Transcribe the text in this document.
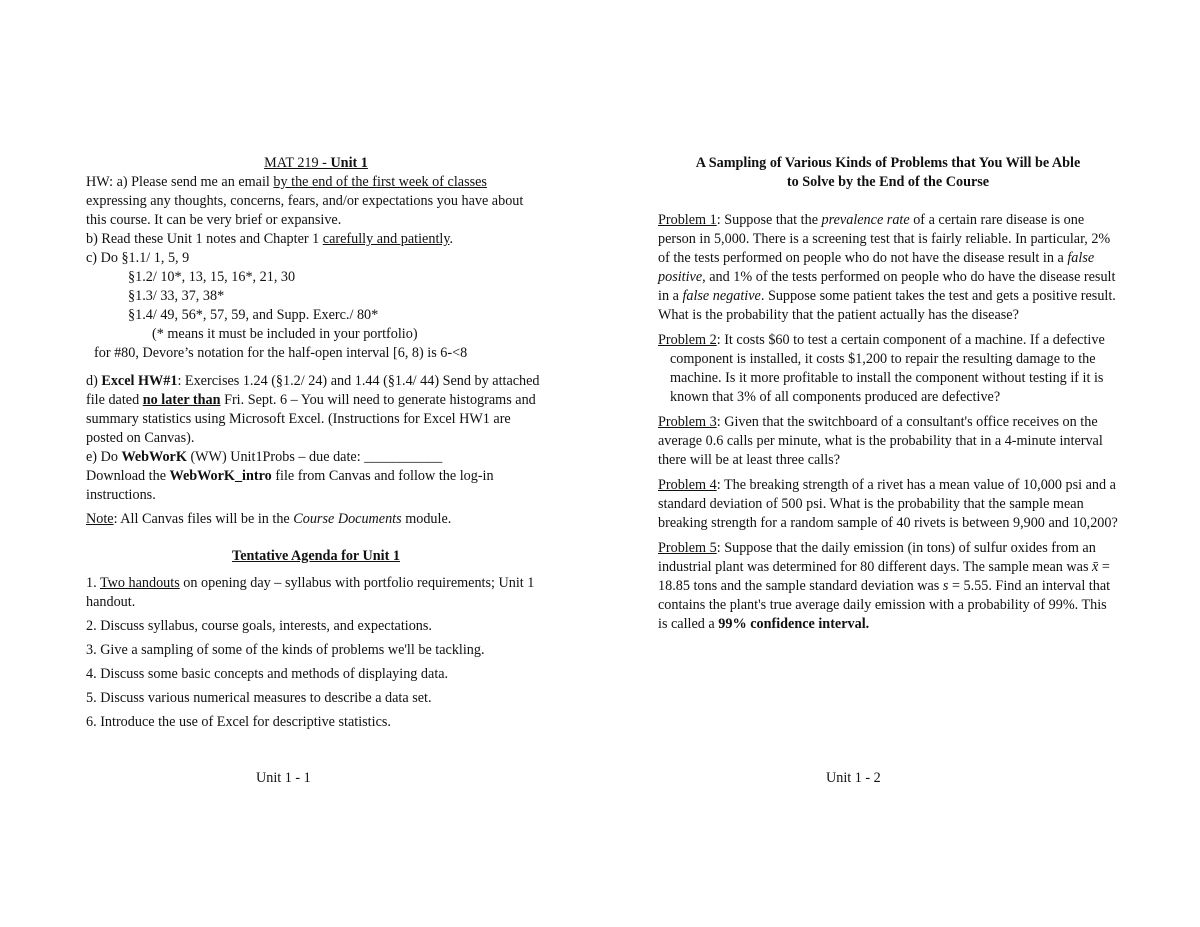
MAT 219 - Unit 1

HW: a) Please send me an email by the end of the first week of classes expressing any thoughts, concerns, fears, and/or expectations you have about this course. It can be very brief or expansive.

b) Read these Unit 1 notes and Chapter 1 carefully and patiently.

c) Do §1.1/ 1, 5, 9

§1.2/ 10*, 13, 15, 16*, 21, 30

§1.3/ 33, 37, 38*

§1.4/ 49, 56*, 57, 59, and Supp. Exerc./ 80*

(* means it must be included in your portfolio)

for #80, Devore’s notation for the half-open interval [6, 8) is 6-<8

d) Excel HW#1: Exercises 1.24 (§1.2/ 24) and 1.44 (§1.4/ 44) Send by attached file dated no later than Fri. Sept. 6 – You will need to generate histograms and summary statistics using Microsoft Excel. (Instructions for Excel HW1 are posted on Canvas).

e) Do WebWorK (WW) Unit1Probs – due date: ___________
Download the WebWorK_intro file from Canvas and follow the log-in instructions.

Note: All Canvas files will be in the Course Documents module.

Tentative Agenda for Unit 1

1. Two handouts on opening day – syllabus with portfolio requirements; Unit 1 handout.

2. Discuss syllabus, course goals, interests, and expectations.

3. Give a sampling of some of the kinds of problems we'll be tackling.

4. Discuss some basic concepts and methods of displaying data.

5. Discuss various numerical measures to describe a data set.

6. Introduce the use of Excel for descriptive statistics.

Unit 1 - 1
A Sampling of Various Kinds of Problems that You Will be Able
to Solve by the End of the Course

Problem 1: Suppose that the prevalence rate of a certain rare disease is one person in 5,000. There is a screening test that is fairly reliable. In particular, 2% of the tests performed on people who do not have the disease result in a false positive, and 1% of the tests performed on people who do have the disease result in a false negative. Suppose some patient takes the test and gets a positive result. What is the probability that the patient actually has the disease?

Problem 2: It costs $60 to test a certain component of a machine. If a defective component is installed, it costs $1,200 to repair the resulting damage to the machine. Is it more profitable to install the component without testing if it is known that 3% of all components produced are defective?

Problem 3: Given that the switchboard of a consultant's office receives on the average 0.6 calls per minute, what is the probability that in a 4-minute interval there will be at least three calls?

Problem 4: The breaking strength of a rivet has a mean value of 10,000 psi and a standard deviation of 500 psi. What is the probability that the sample mean breaking strength for a random sample of 40 rivets is between 9,900 and 10,200?

Problem 5: Suppose that the daily emission (in tons) of sulfur oxides from an industrial plant was determined for 80 different days. The sample mean was x̄ = 18.85 tons and the sample standard deviation was s = 5.55. Find an interval that contains the plant's true average daily emission with a probability of 99%. This is called a 99% confidence interval.

Unit 1 - 2
